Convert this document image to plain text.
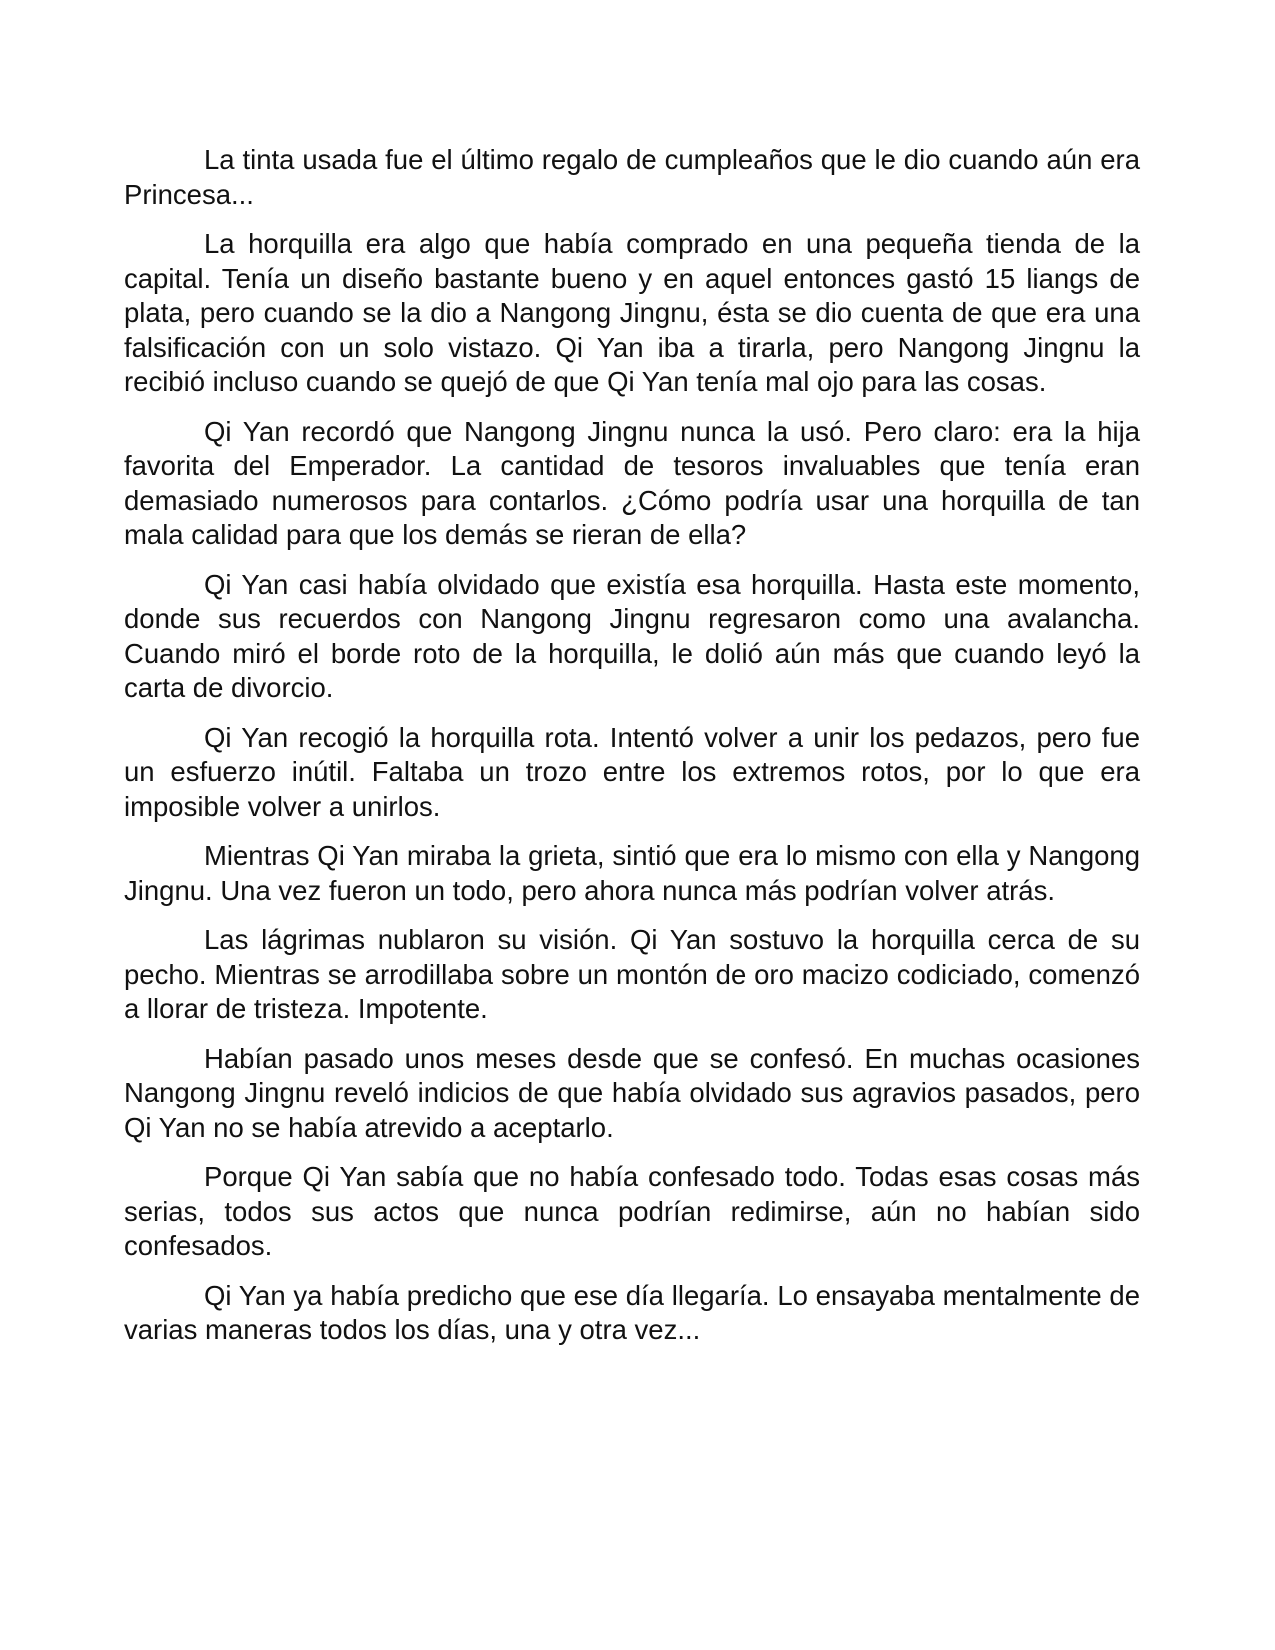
La tinta usada fue el último regalo de cumpleaños que le dio cuando aún era Princesa...

La horquilla era algo que había comprado en una pequeña tienda de la capital. Tenía un diseño bastante bueno y en aquel entonces gastó 15 liangs de plata, pero cuando se la dio a Nangong Jingnu, ésta se dio cuenta de que era una falsificación con un solo vistazo. Qi Yan iba a tirarla, pero Nangong Jingnu la recibió incluso cuando se quejó de que Qi Yan tenía mal ojo para las cosas.

Qi Yan recordó que Nangong Jingnu nunca la usó. Pero claro: era la hija favorita del Emperador. La cantidad de tesoros invaluables que tenía eran demasiado numerosos para contarlos. ¿Cómo podría usar una horquilla de tan mala calidad para que los demás se rieran de ella?

Qi Yan casi había olvidado que existía esa horquilla. Hasta este momento, donde sus recuerdos con Nangong Jingnu regresaron como una avalancha. Cuando miró el borde roto de la horquilla, le dolió aún más que cuando leyó la carta de divorcio.

Qi Yan recogió la horquilla rota. Intentó volver a unir los pedazos, pero fue un esfuerzo inútil. Faltaba un trozo entre los extremos rotos, por lo que era imposible volver a unirlos.

Mientras Qi Yan miraba la grieta, sintió que era lo mismo con ella y Nangong Jingnu. Una vez fueron un todo, pero ahora nunca más podrían volver atrás.

Las lágrimas nublaron su visión. Qi Yan sostuvo la horquilla cerca de su pecho. Mientras se arrodillaba sobre un montón de oro macizo codiciado, comenzó a llorar de tristeza. Impotente.

Habían pasado unos meses desde que se confesó. En muchas ocasiones Nangong Jingnu reveló indicios de que había olvidado sus agravios pasados, pero Qi Yan no se había atrevido a aceptarlo.

Porque Qi Yan sabía que no había confesado todo. Todas esas cosas más serias, todos sus actos que nunca podrían redimirse, aún no habían sido confesados.

Qi Yan ya había predicho que ese día llegaría. Lo ensayaba mentalmente de varias maneras todos los días, una y otra vez...
